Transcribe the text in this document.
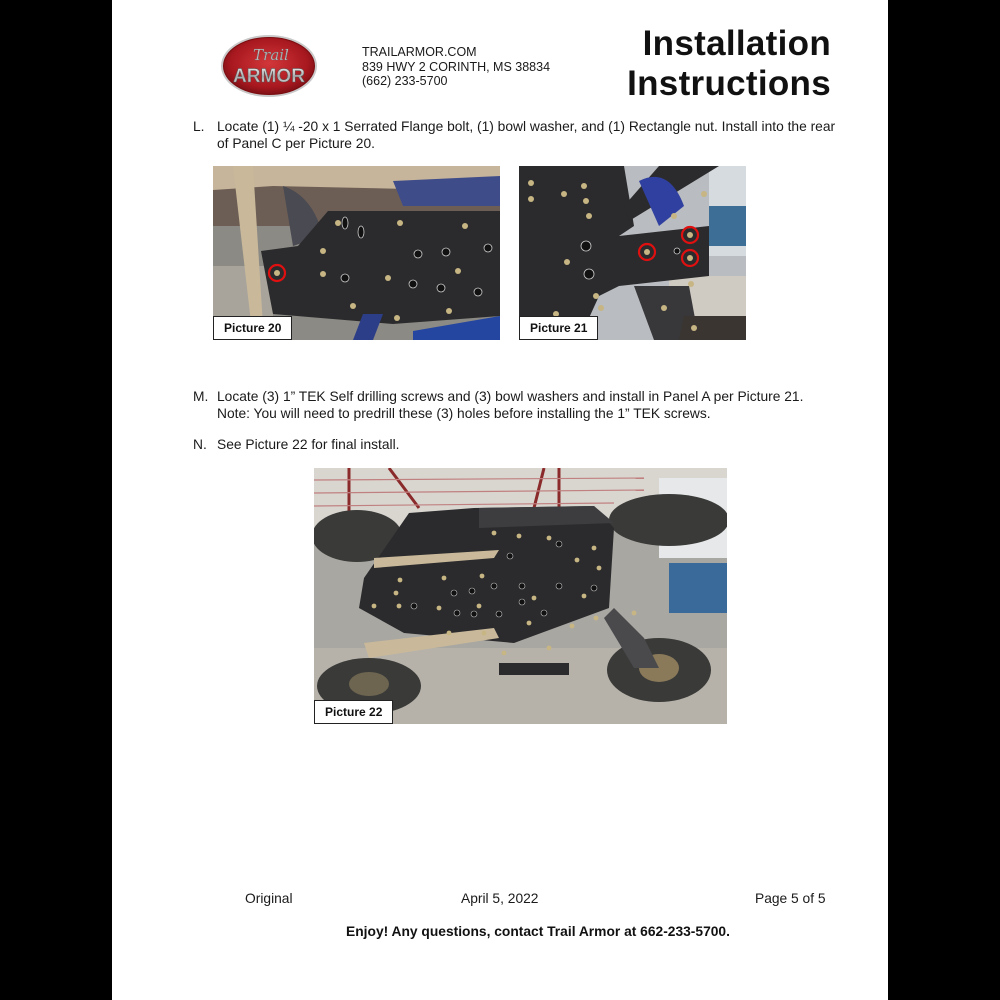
Trail
ARMOR
TRAILARMOR.COM
839 HWY 2 CORINTH, MS 38834
(662) 233-5700
Installation
Instructions
L. Locate (1) ¼ -20 x 1 Serrated Flange bolt, (1) bowl washer, and (1) Rectangle nut. Install into the rear
of Panel C per Picture 20.
Picture 20	Picture 21
M. Locate (3) 1” TEK Self drilling screws and (3) bowl washers and install in Panel A per Picture 21.
Note: You will need to predrill these (3) holes before installing the 1” TEK screws.
N. See Picture 22 for final install.
Picture 22
Original	April 5, 2022	Page 5 of 5
Enjoy! Any questions, contact Trail Armor at 662-233-5700.
